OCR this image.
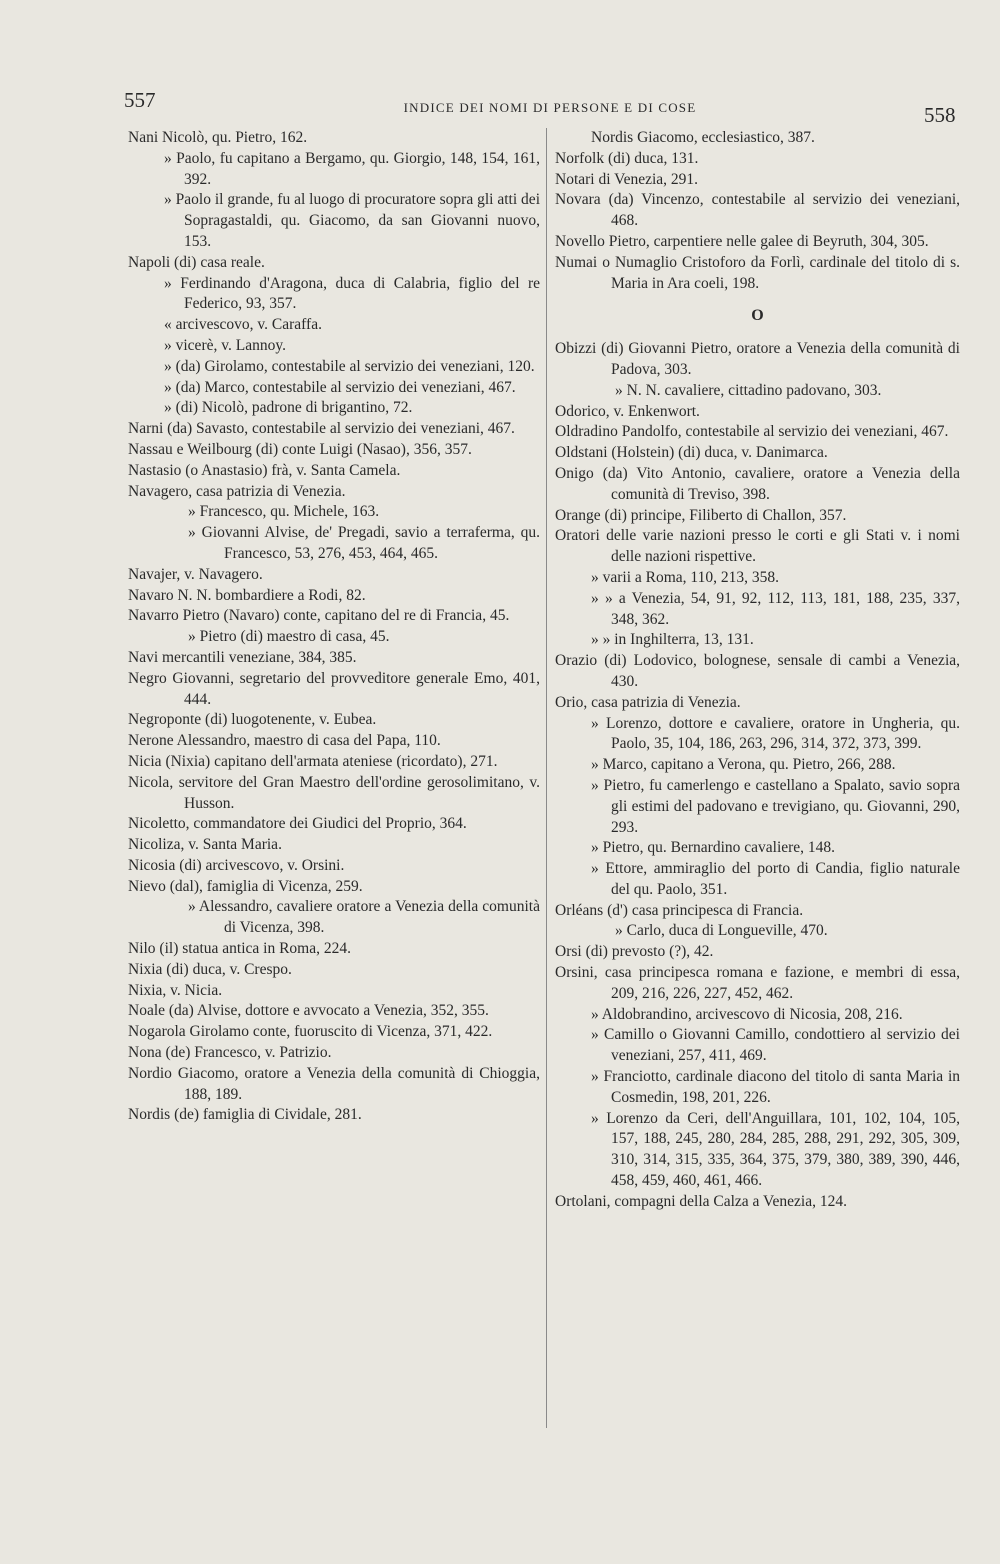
557	INDICE DEI NOMI DI PERSONE E DI COSE	558
Nani Nicolò, qu. Pietro, 162.
» Paolo, fu capitano a Bergamo, qu. Giorgio, 148, 154, 161, 392.
» Paolo il grande, fu al luogo di procuratore sopra gli atti dei Sopragastaldi, qu. Giacomo, da san Giovanni nuovo, 153.
Napoli (di) casa reale.
» Ferdinando d'Aragona, duca di Calabria, figlio del re Federico, 93, 357.
« arcivescovo, v. Caraffa.
» vicerè, v. Lannoy.
» (da) Girolamo, contestabile al servizio dei veneziani, 120.
» (da) Marco, contestabile al servizio dei veneziani, 467.
» (di) Nicolò, padrone di brigantino, 72.
Narni (da) Savasto, contestabile al servizio dei veneziani, 467.
Nassau e Weilbourg (di) conte Luigi (Nasao), 356, 357.
Nastasio (o Anastasio) frà, v. Santa Camela.
Navagero, casa patrizia di Venezia.
» Francesco, qu. Michele, 163.
» Giovanni Alvise, de' Pregadi, savio a terraferma, qu. Francesco, 53, 276, 453, 464, 465.
Navajer, v. Navagero.
Navaro N. N. bombardiere a Rodi, 82.
Navarro Pietro (Navaro) conte, capitano del re di Francia, 45.
» Pietro (di) maestro di casa, 45.
Navi mercantili veneziane, 384, 385.
Negro Giovanni, segretario del provveditore generale Emo, 401, 444.
Negroponte (di) luogotenente, v. Eubea.
Nerone Alessandro, maestro di casa del Papa, 110.
Nicia (Nixia) capitano dell'armata ateniese (ricordato), 271.
Nicola, servitore del Gran Maestro dell'ordine gerosolimitano, v. Husson.
Nicoletto, commandatore dei Giudici del Proprio, 364.
Nicoliza, v. Santa Maria.
Nicosia (di) arcivescovo, v. Orsini.
Nievo (dal), famiglia di Vicenza, 259.
» Alessandro, cavaliere oratore a Venezia della comunità di Vicenza, 398.
Nilo (il) statua antica in Roma, 224.
Nixia (di) duca, v. Crespo.
Nixia, v. Nicia.
Noale (da) Alvise, dottore e avvocato a Venezia, 352, 355.
Nogarola Girolamo conte, fuoruscito di Vicenza, 371, 422.
Nona (de) Francesco, v. Patrizio.
Nordio Giacomo, oratore a Venezia della comunità di Chioggia, 188, 189.
Nordis (de) famiglia di Cividale, 281.
Nordis Giacomo, ecclesiastico, 387.
Norfolk (di) duca, 131.
Notari di Venezia, 291.
Novara (da) Vincenzo, contestabile al servizio dei veneziani, 468.
Novello Pietro, carpentiere nelle galee di Beyruth, 304, 305.
Numai o Numaglio Cristoforo da Forlì, cardinale del titolo di s. Maria in Ara coeli, 198.
O
Obizzi (di) Giovanni Pietro, oratore a Venezia della comunità di Padova, 303.
» N. N. cavaliere, cittadino padovano, 303.
Odorico, v. Enkenwort.
Oldradino Pandolfo, contestabile al servizio dei veneziani, 467.
Oldstani (Holstein) (di) duca, v. Danimarca.
Onigo (da) Vito Antonio, cavaliere, oratore a Venezia della comunità di Treviso, 398.
Orange (di) principe, Filiberto di Challon, 357.
Oratori delle varie nazioni presso le corti e gli Stati v. i nomi delle nazioni rispettive.
» varii a Roma, 110, 213, 358.
» » a Venezia, 54, 91, 92, 112, 113, 181, 188, 235, 337, 348, 362.
» » in Inghilterra, 13, 131.
Orazio (di) Lodovico, bolognese, sensale di cambi a Venezia, 430.
Orio, casa patrizia di Venezia.
» Lorenzo, dottore e cavaliere, oratore in Ungheria, qu. Paolo, 35, 104, 186, 263, 296, 314, 372, 373, 399.
» Marco, capitano a Verona, qu. Pietro, 266, 288.
» Pietro, fu camerlengo e castellano a Spalato, savio sopra gli estimi del padovano e trevigiano, qu. Giovanni, 290, 293.
» Pietro, qu. Bernardino cavaliere, 148.
» Ettore, ammiraglio del porto di Candia, figlio naturale del qu. Paolo, 351.
Orléans (d') casa principesca di Francia.
» Carlo, duca di Longueville, 470.
Orsi (di) prevosto (?), 42.
Orsini, casa principesca romana e fazione, e membri di essa, 209, 216, 226, 227, 452, 462.
» Aldobrandino, arcivescovo di Nicosia, 208, 216.
» Camillo o Giovanni Camillo, condottiero al servizio dei veneziani, 257, 411, 469.
» Franciotto, cardinale diacono del titolo di santa Maria in Cosmedin, 198, 201, 226.
» Lorenzo da Ceri, dell'Anguillara, 101, 102, 104, 105, 157, 188, 245, 280, 284, 285, 288, 291, 292, 305, 309, 310, 314, 315, 335, 364, 375, 379, 380, 389, 390, 446, 458, 459, 460, 461, 466.
Ortolani, compagni della Calza a Venezia, 124.
